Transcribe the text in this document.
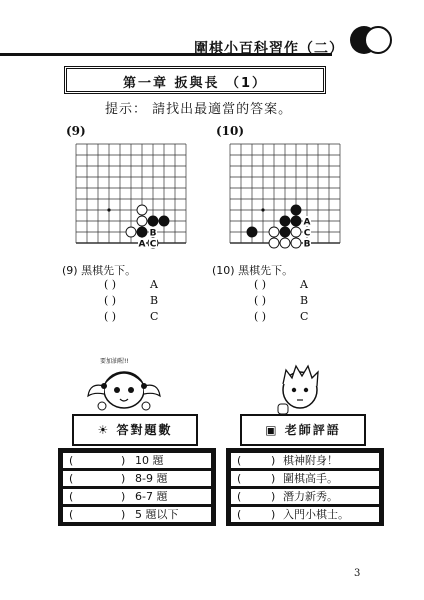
圍棋小百科習作（二）
第一章 扳與長 （1）
提示： 請找出最適當的答案。
(9)
B
A C
(9) 黑棋先下。
( )	A
( )	B
( )	C
(10)
A
C
B
(10) 黑棋先下。
( )	A
( )	B
( )	C
要加油喔!!
☀ 答對題數
(	) 10 題
(	) 8-9 題
(	) 6-7 題
(	) 5 題以下
▣ 老師評語
(	) 棋神附身！
(	) 圍棋高手。
(	) 潛力新秀。
(	) 入門小棋士。
3
